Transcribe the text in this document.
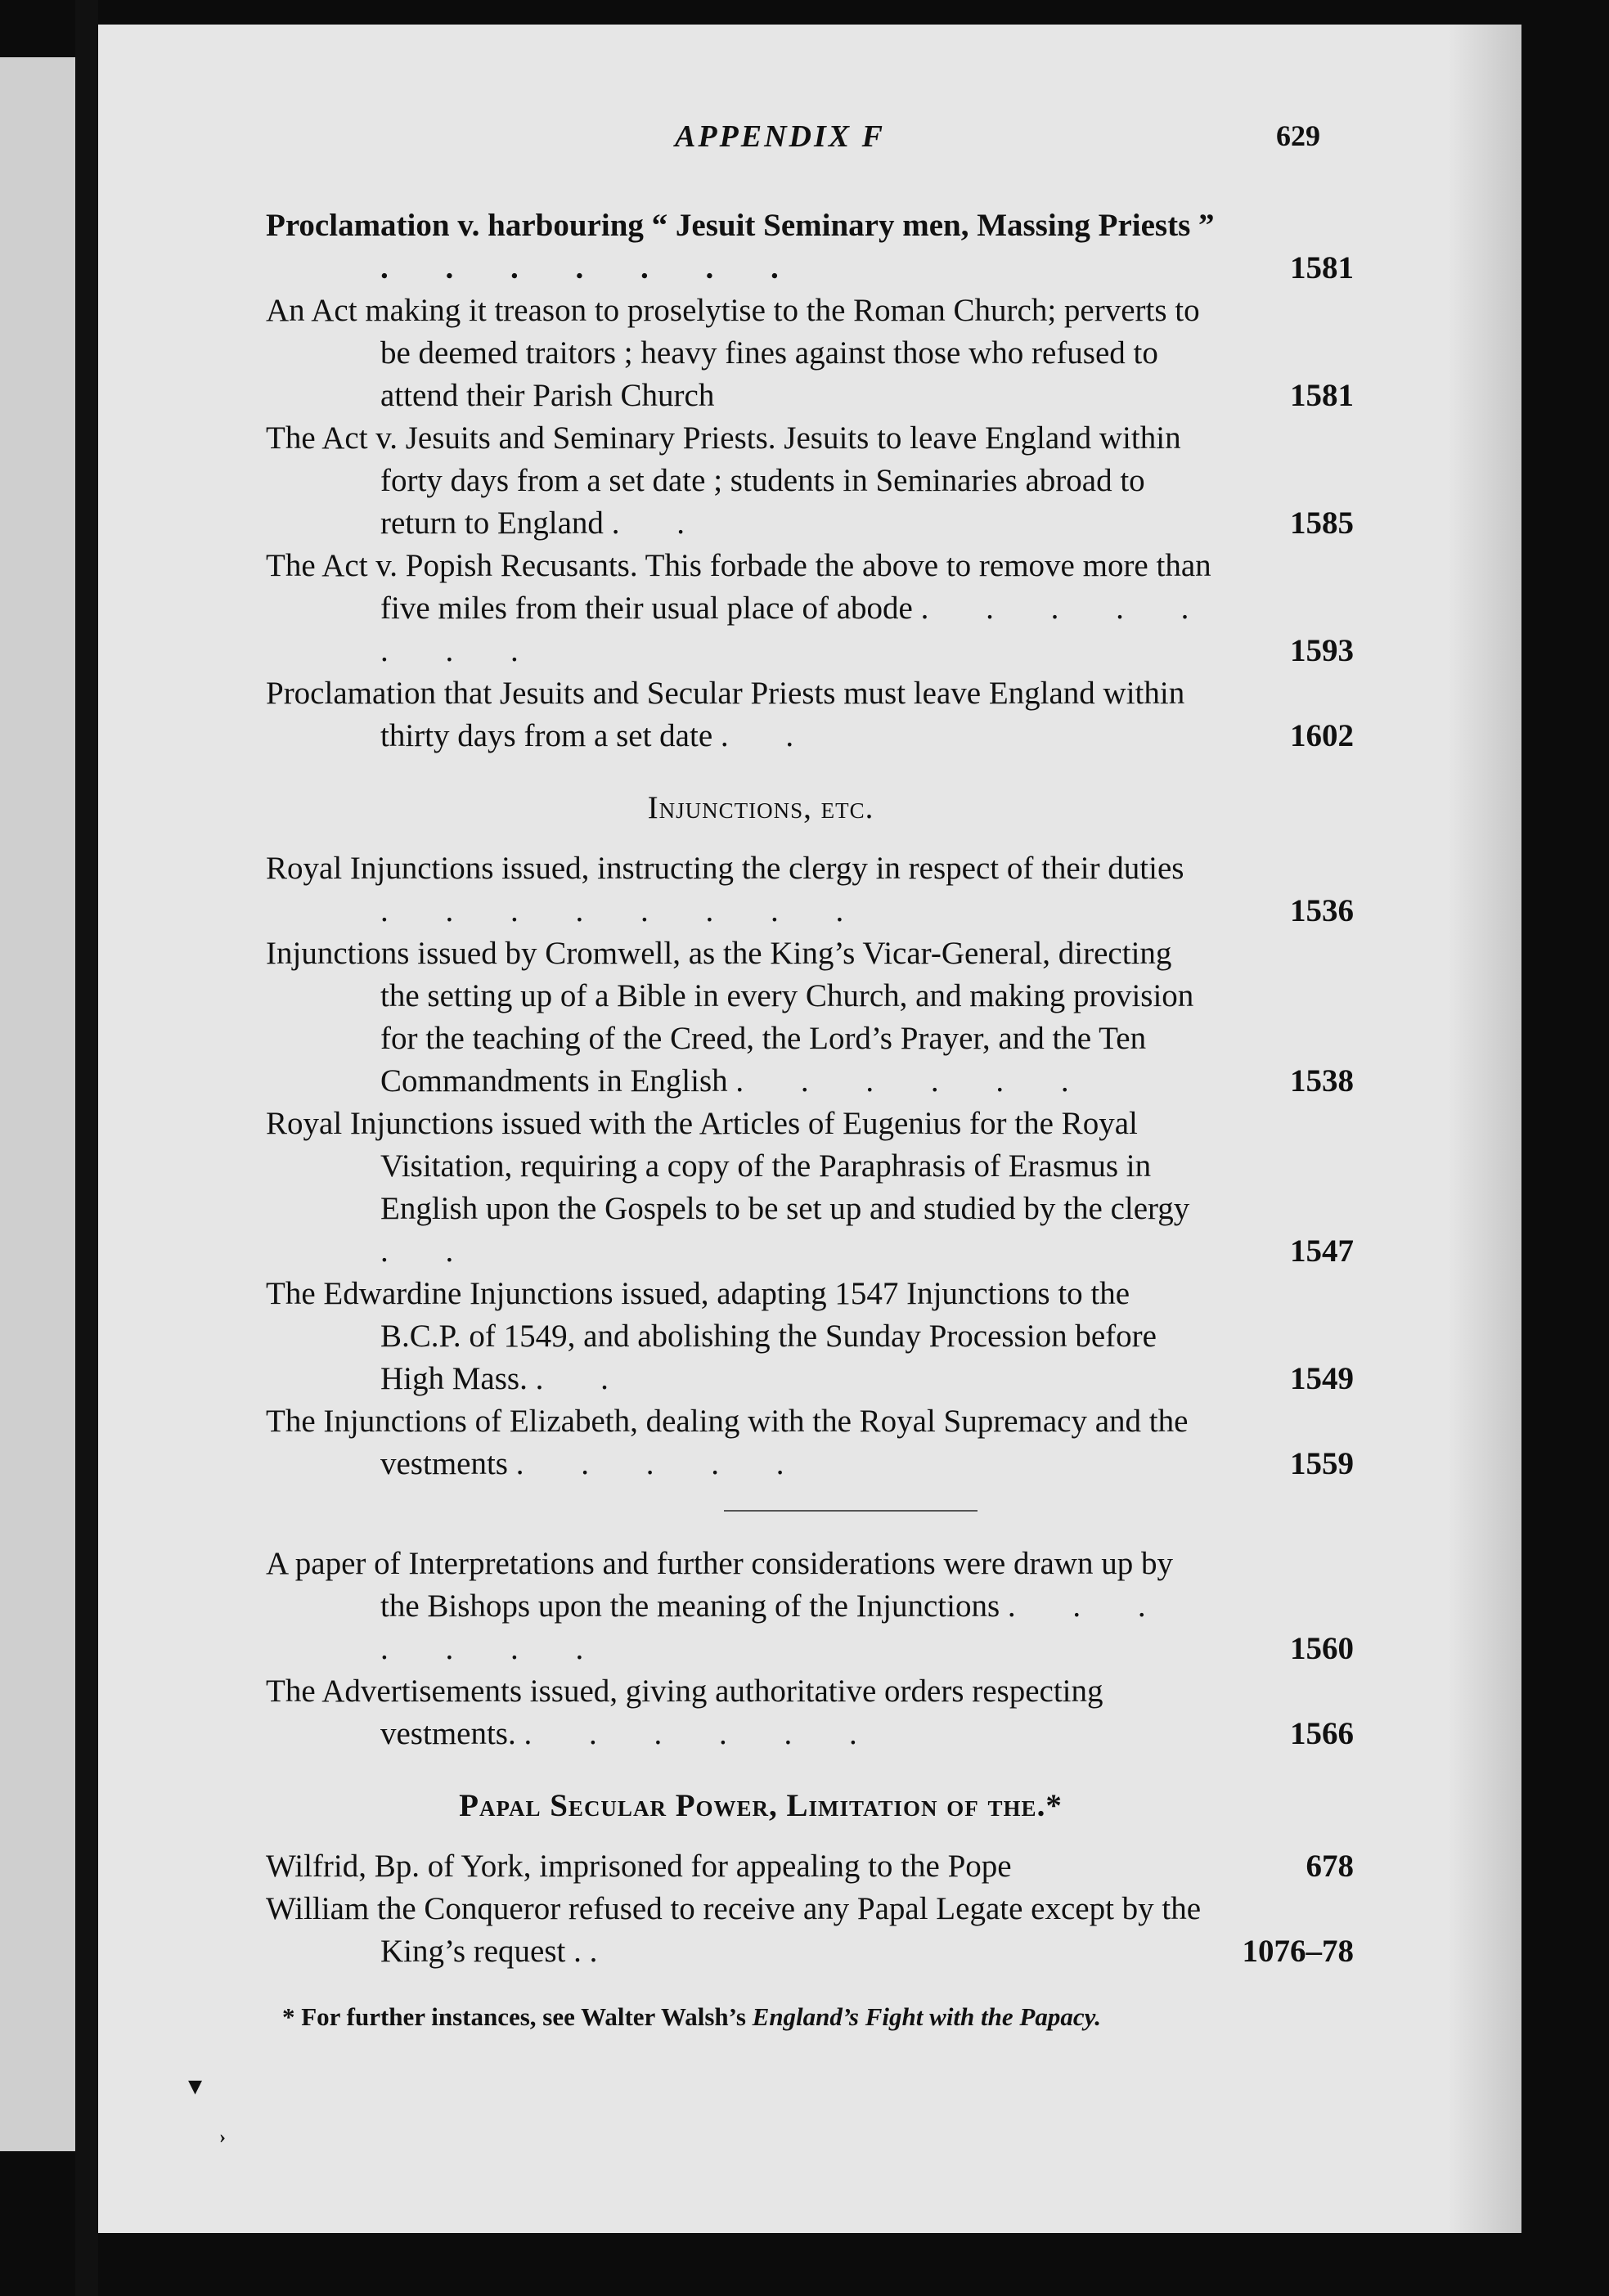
APPENDIX F	629

Proclamation v. harbouring “ Jesuit Seminary men, Massing Priests ” . . . . . . .	1581

An Act making it treason to proselytise to the Roman Church; perverts to be deemed traitors ; heavy fines against those who refused to attend their Parish Church	1581

The Act v. Jesuits and Seminary Priests. Jesuits to leave England within forty days from a set date ; students in Seminaries abroad to return to England . .	1585

The Act v. Popish Recusants. This forbade the above to remove more than five miles from their usual place of abode . . . . . . . .	1593

Proclamation that Jesuits and Secular Priests must leave England within thirty days from a set date . .	1602

Injunctions, etc.

Royal Injunctions issued, instructing the clergy in respect of their duties . . . . . . . .	1536

Injunctions issued by Cromwell, as the King’s Vicar-General, directing the setting up of a Bible in every Church, and making provision for the teaching of the Creed, the Lord’s Prayer, and the Ten Commandments in English . . . . . .	1538

Royal Injunctions issued with the Articles of Eugenius for the Royal Visitation, requiring a copy of the Paraphrasis of Erasmus in English upon the Gospels to be set up and studied by the clergy . .	1547

The Edwardine Injunctions issued, adapting 1547 Injunctions to the B.C.P. of 1549, and abolishing the Sunday Procession before High Mass. . .	1549

The Injunctions of Elizabeth, dealing with the Royal Supremacy and the vestments . . . . .	1559

A paper of Interpretations and further considerations were drawn up by the Bishops upon the meaning of the Injunctions . . . . . . .	1560

The Advertisements issued, giving authoritative orders respecting vestments. . . . . . .	1566

Papal Secular Power, Limitation of the.*

Wilfrid, Bp. of York, imprisoned for appealing to the Pope	678

William the Conqueror refused to receive any Papal Legate except by the King’s request . .	1076–78

* For further instances, see Walter Walsh’s England’s Fight with the Papacy.
▾
›
